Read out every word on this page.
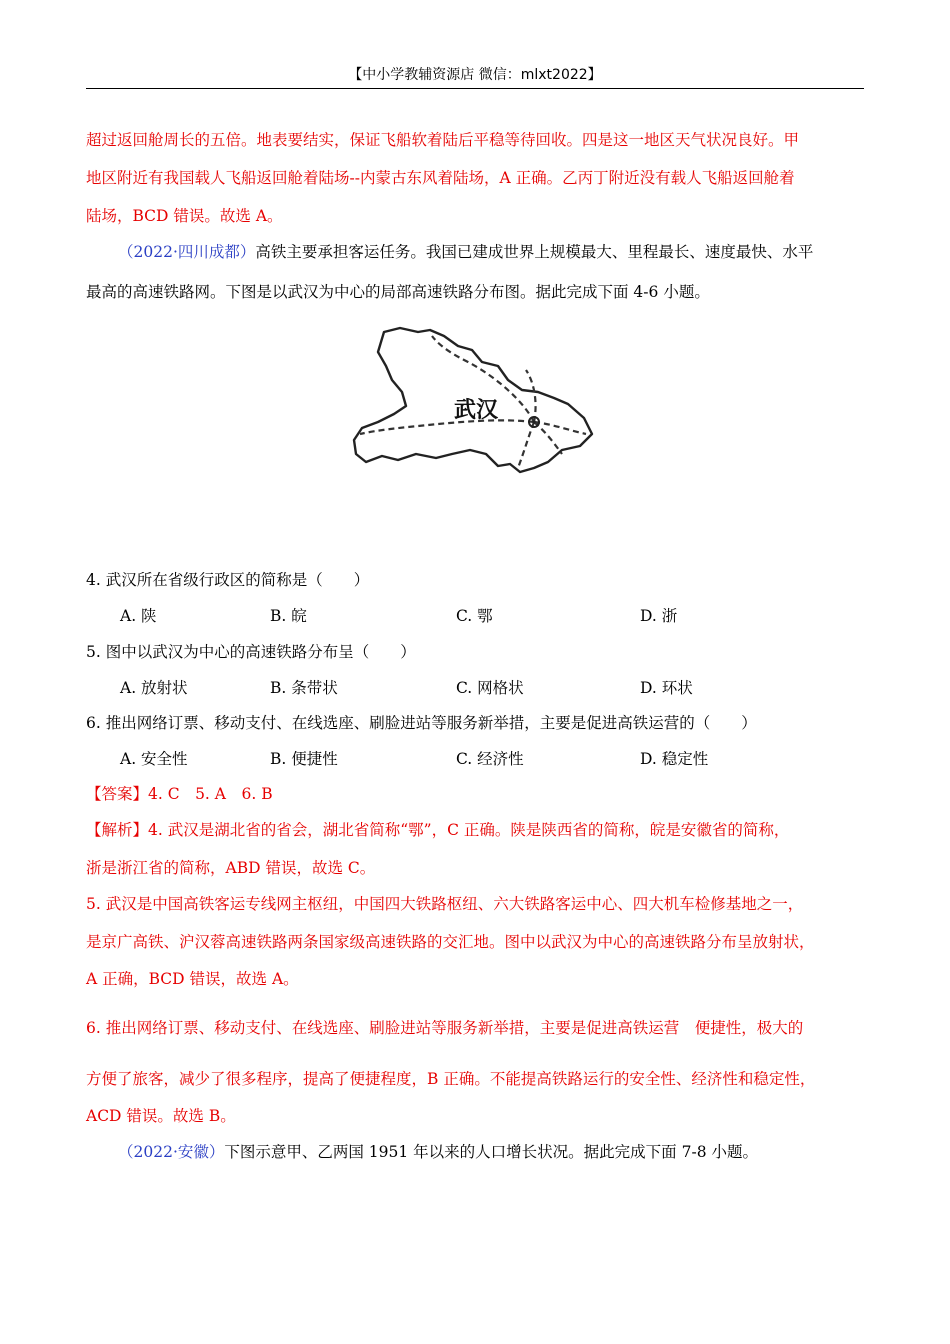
【中小学教辅资源店 微信：mlxt2022】
超过返回舱周长的五倍。地表要结实，保证飞船软着陆后平稳等待回收。四是这一地区天气状况良好。甲
地区附近有我国载人飞船返回舱着陆场--内蒙古东风着陆场，A 正确。乙丙丁附近没有载人飞船返回舱着
陆场，BCD 错误。故选 A。
（2022·四川成都）高铁主要承担客运任务。我国已建成世界上规模最大、里程最长、速度最快、水平
最高的高速铁路网。下图是以武汉为中心的局部高速铁路分布图。据此完成下面 4-6 小题。
武汉
4. 武汉所在省级行政区的简称是（　　）
A. 陕	B. 皖	C. 鄂	D. 浙
5. 图中以武汉为中心的高速铁路分布呈（　　）
A. 放射状	B. 条带状	C. 网格状	D. 环状
6. 推出网络订票、移动支付、在线选座、刷脸进站等服务新举措，主要是促进高铁运营的（　　）
A. 安全性	B. 便捷性	C. 经济性	D. 稳定性
【答案】4. C　5. A　6. B
【解析】4. 武汉是湖北省的省会，湖北省简称“鄂”，C 正确。陕是陕西省的简称，皖是安徽省的简称，
浙是浙江省的简称，ABD 错误，故选 C。
5. 武汉是中国高铁客运专线网主枢纽，中国四大铁路枢纽、六大铁路客运中心、四大机车检修基地之一，
是京广高铁、沪汉蓉高速铁路两条国家级高速铁路的交汇地。图中以武汉为中心的高速铁路分布呈放射状，
A 正确，BCD 错误，故选 A。
6. 推出网络订票、移动支付、在线选座、刷脸进站等服务新举措，主要是促进高铁运营　便捷性，极大的
方便了旅客，减少了很多程序，提高了便捷程度，B 正确。不能提高铁路运行的安全性、经济性和稳定性，
ACD 错误。故选 B。
（2022·安徽）下图示意甲、乙两国 1951 年以来的人口增长状况。据此完成下面 7-8 小题。
